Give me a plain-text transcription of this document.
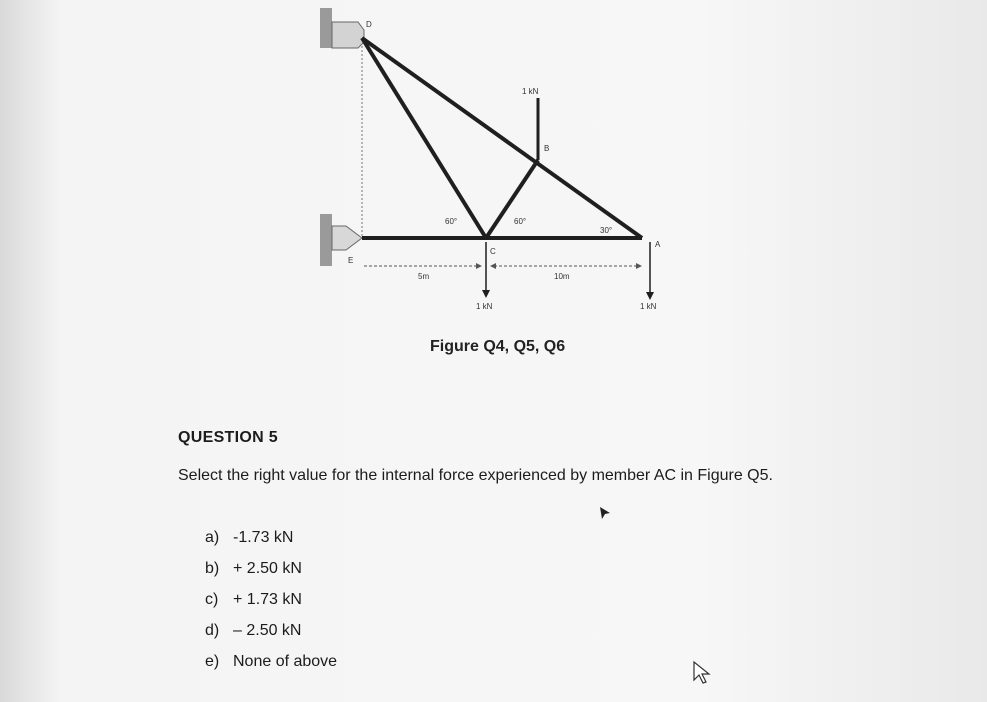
D
B
C
A
E
1 kN
1 kN	1 kN
60°	60°
30°
5m	10m
Figure Q4, Q5, Q6
QUESTION 5
Select the right value for the internal force experienced by member AC in Figure Q5.
a) -1.73 kN
b) + 2.50 kN
c) + 1.73 kN
d) – 2.50 kN
e) None of above
